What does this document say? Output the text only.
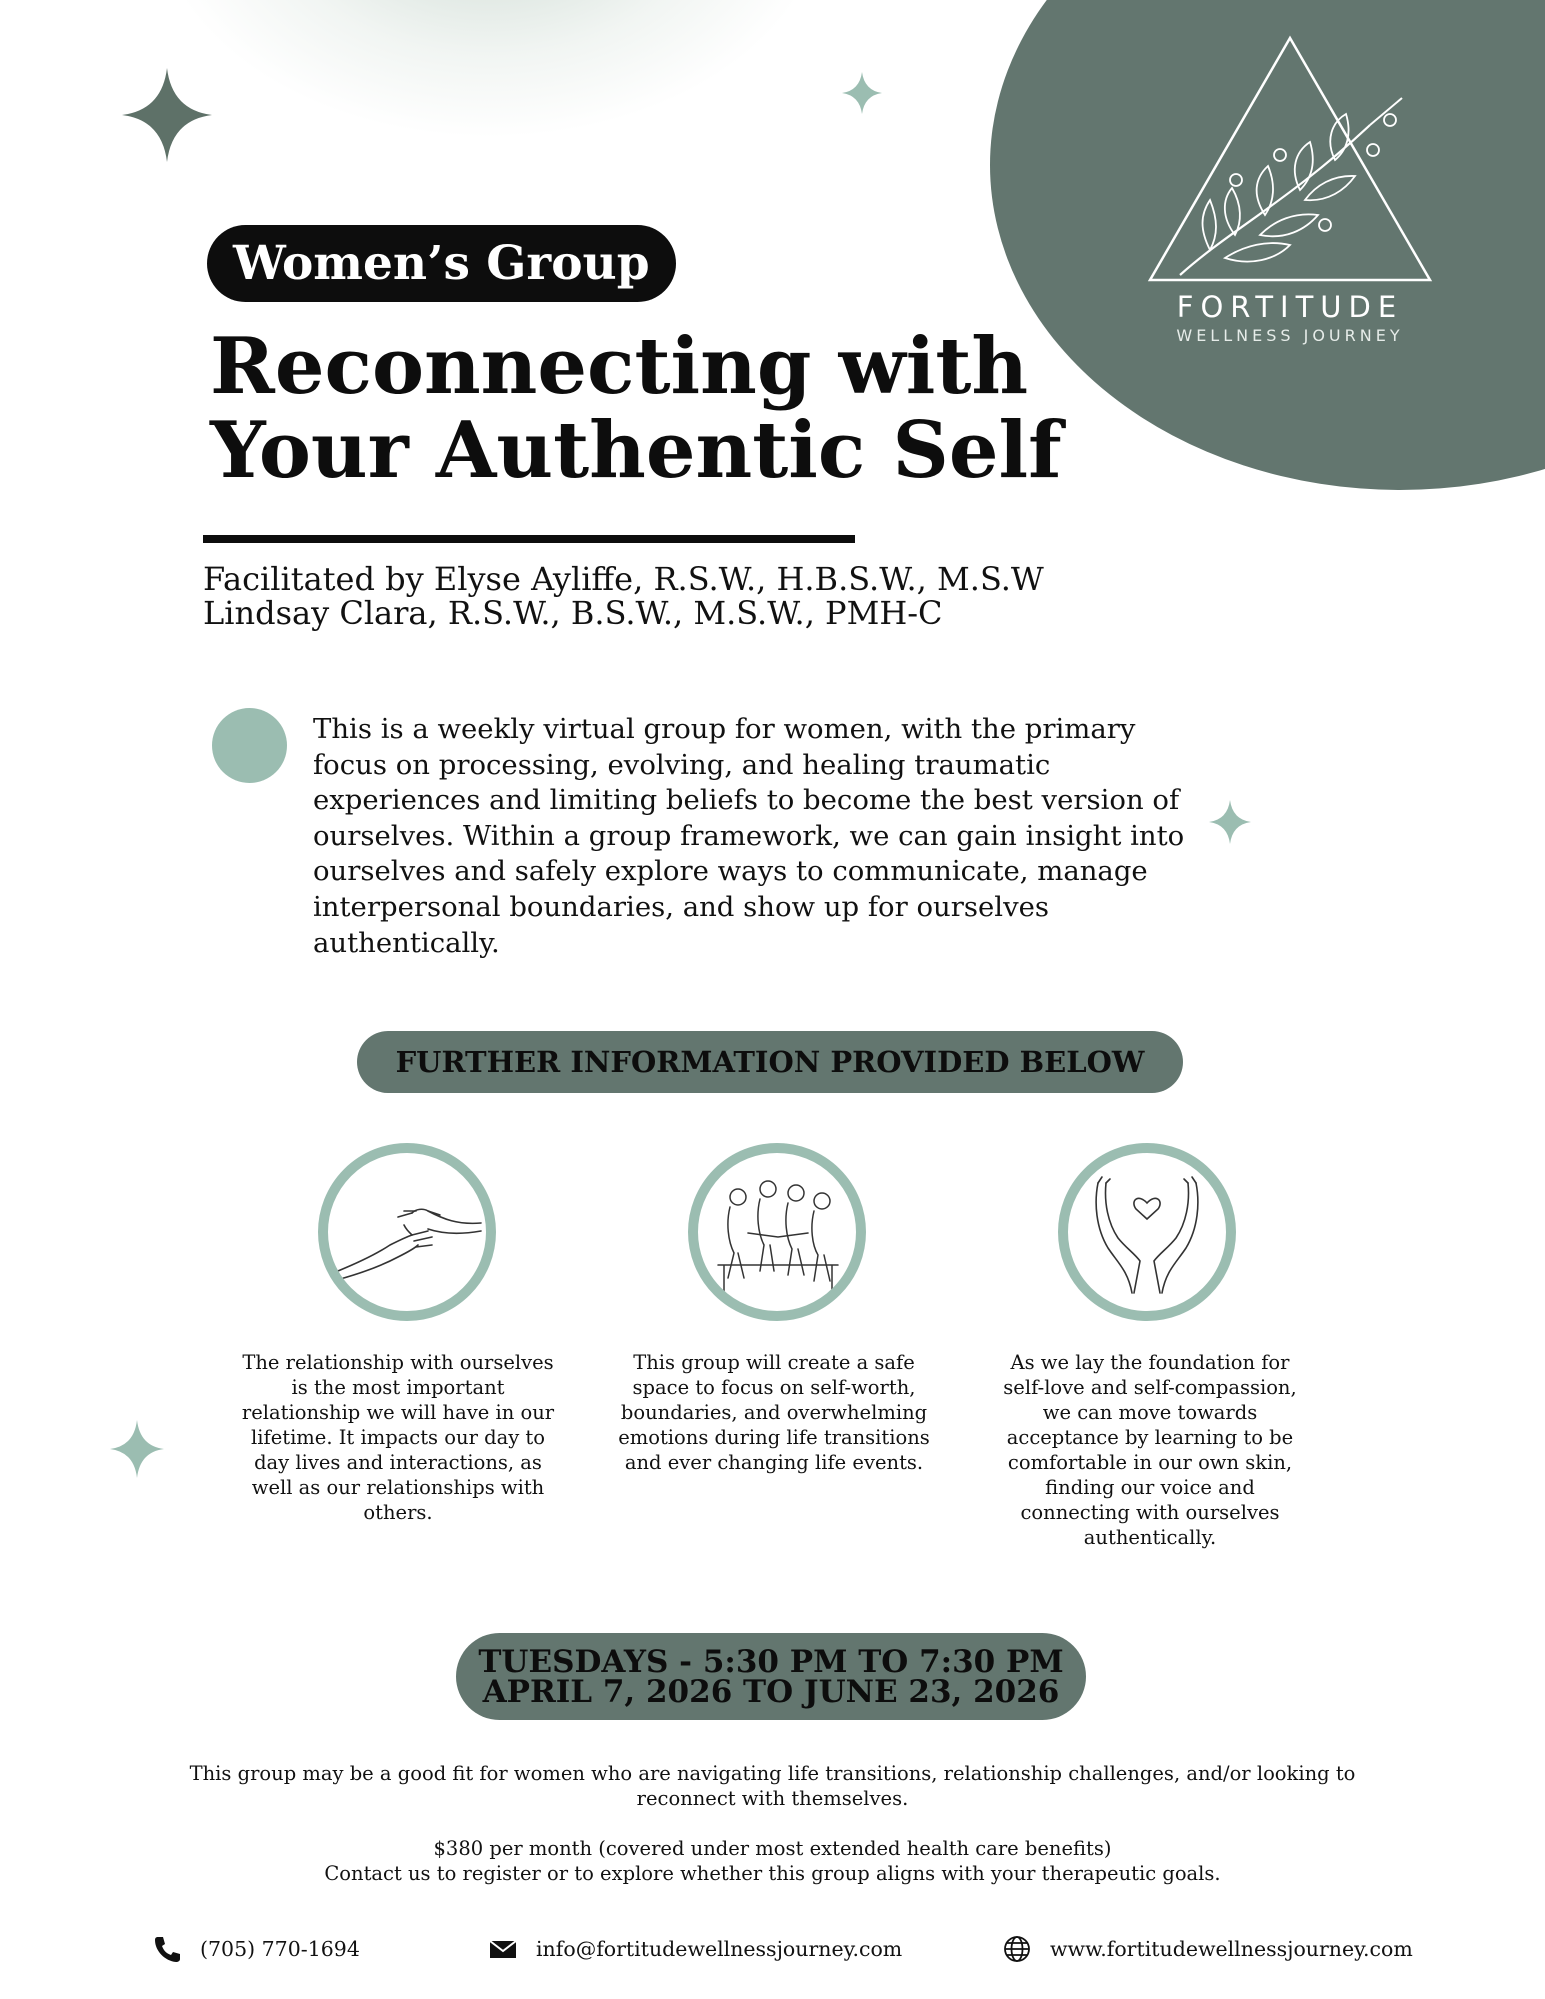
FORTITUDE
WELLNESS JOURNEY
Women’s Group
Reconnecting with
Your Authentic Self
Facilitated by Elyse Ayliffe, R.S.W., H.B.S.W., M.S.W
Lindsay Clara, R.S.W., B.S.W., M.S.W., PMH-C
This is a weekly virtual group for women, with the primary focus on processing, evolving, and healing traumatic experiences and limiting beliefs to become the best version of ourselves. Within a group framework, we can gain insight into ourselves and safely explore ways to communicate, manage interpersonal boundaries, and show up for ourselves authentically.
FURTHER INFORMATION PROVIDED BELOW
The relationship with ourselves is the most important relationship we will have in our lifetime. It impacts our day to day lives and interactions, as well as our relationships with others.
This group will create a safe space to focus on self-worth, boundaries, and overwhelming emotions during life transitions and ever changing life events.
As we lay the foundation for self-love and self-compassion, we can move towards acceptance by learning to be comfortable in our own skin, finding our voice and connecting with ourselves authentically.
TUESDAYS - 5:30 PM TO 7:30 PM
APRIL 7, 2026 TO JUNE 23, 2026
This group may be a good fit for women who are navigating life transitions, relationship challenges, and/or looking to reconnect with themselves.
$380 per month (covered under most extended health care benefits)
Contact us to register or to explore whether this group aligns with your therapeutic goals.
(705) 770-1694	info@fortitudewellnessjourney.com	www.fortitudewellnessjourney.com
